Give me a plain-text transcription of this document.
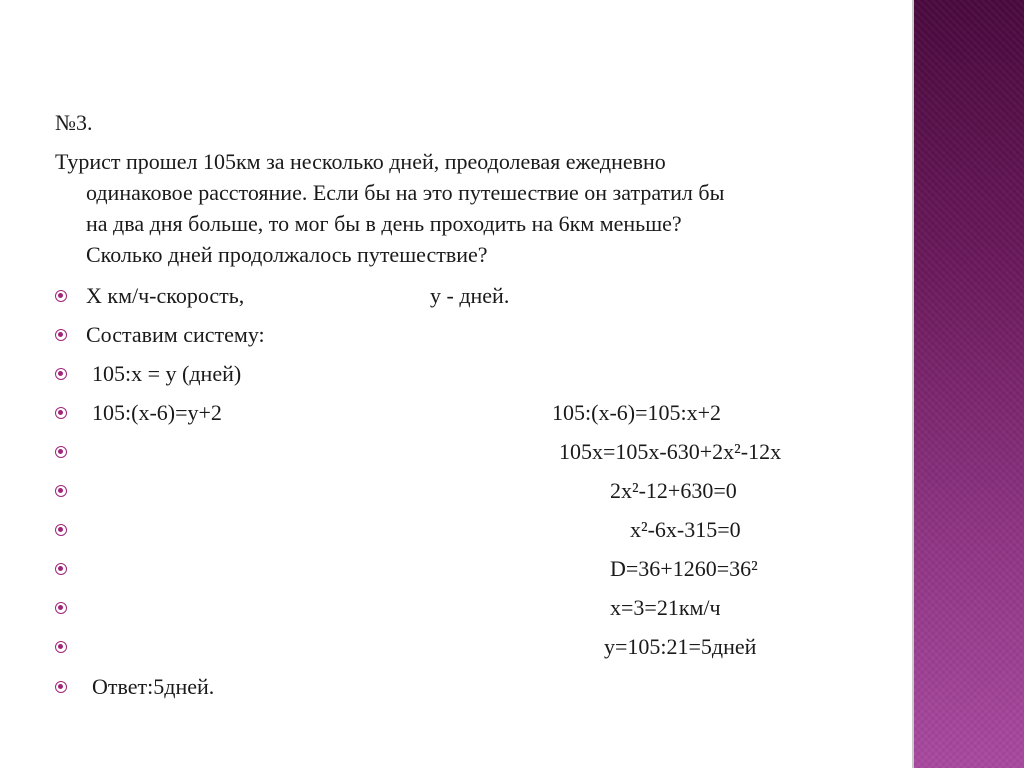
№3.
Турист прошел 105км за несколько дней, преодолевая ежедневно
одинаковое расстояние. Если бы на это путешествие он затратил бы
на два дня больше, то мог бы в день проходить на 6км меньше?
Сколько дней продолжалось путешествие?
Х км/ч-скорость,	у - дней.
Составим систему:
105:х = у (дней)
105:(х-6)=у+2	105:(х-6)=105:х+2
105х=105х-630+2х²-12х
2х²-12+630=0
х²-6х-315=0
D=36+1260=36²
х=3=21км/ч
у=105:21=5дней
Ответ:5дней.
